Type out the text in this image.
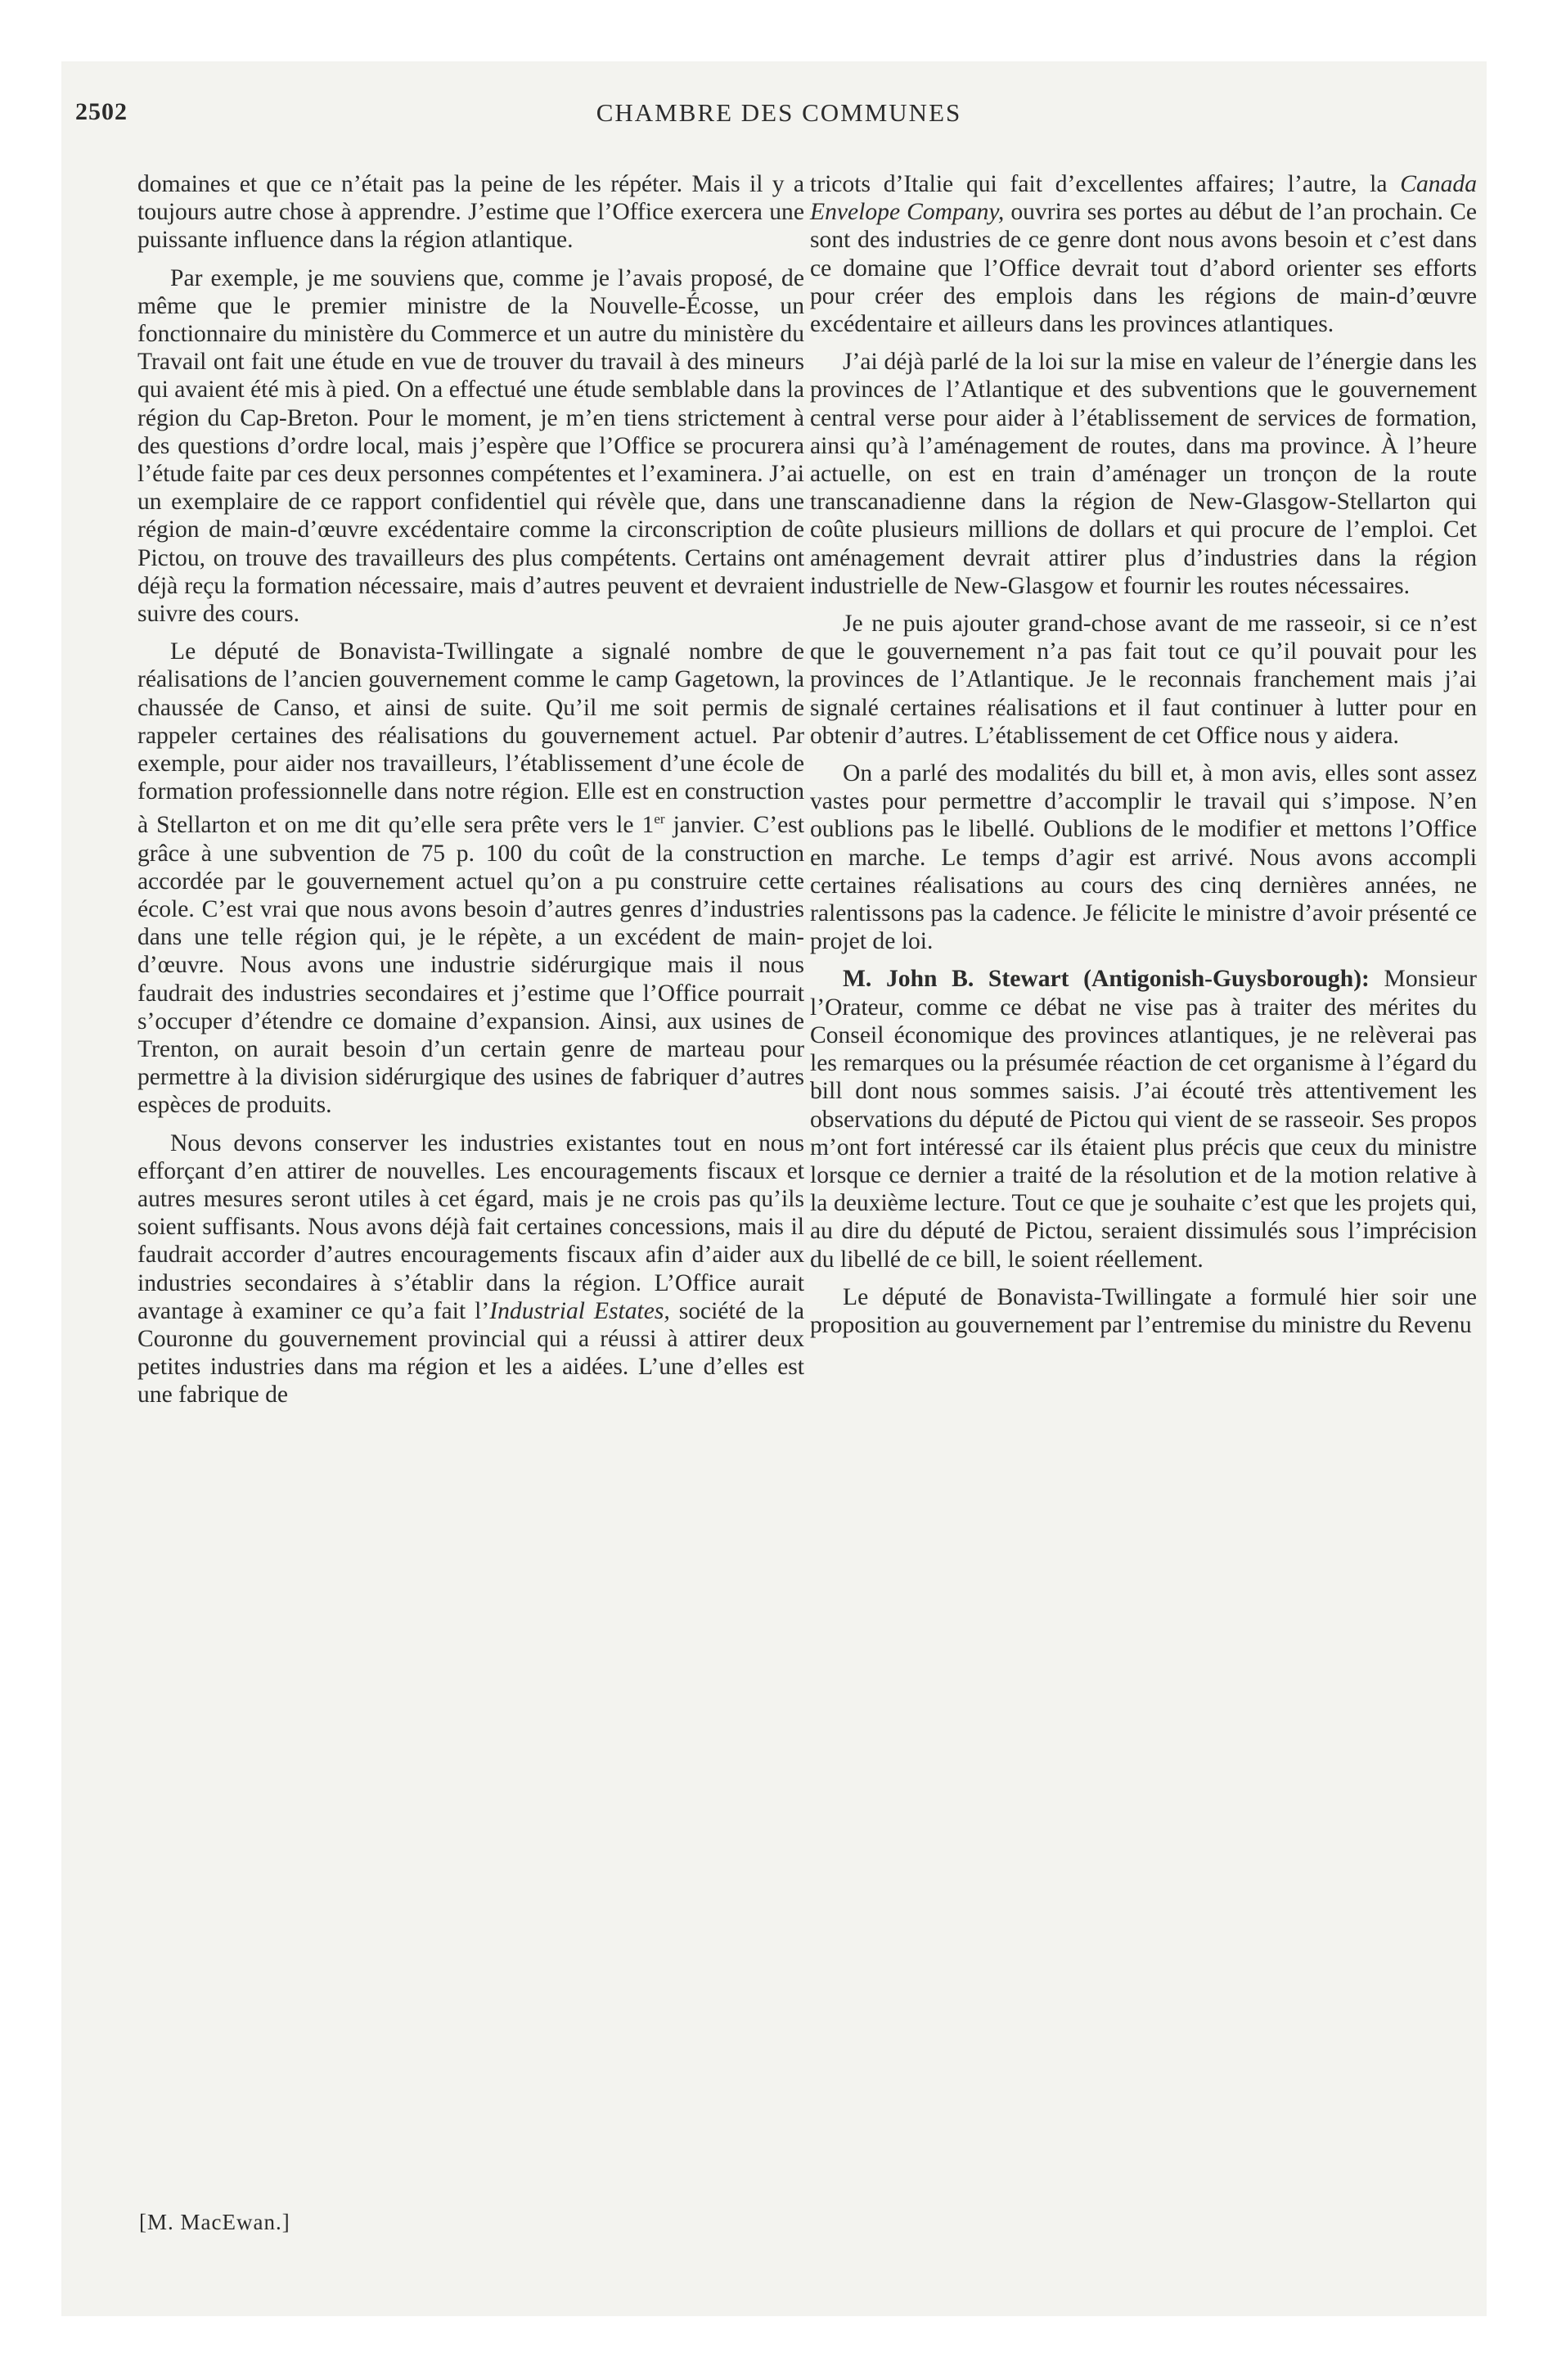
2502	CHAMBRE DES COMMUNES

domaines et que ce n’était pas la peine de les répéter. Mais il y a toujours autre chose à apprendre. J’estime que l’Office exercera une puissante influence dans la région atlantique.

Par exemple, je me souviens que, comme je l’avais proposé, de même que le premier ministre de la Nouvelle-Écosse, un fonctionnaire du ministère du Commerce et un autre du ministère du Travail ont fait une étude en vue de trouver du travail à des mineurs qui avaient été mis à pied. On a effectué une étude semblable dans la région du Cap-Breton. Pour le moment, je m’en tiens strictement à des questions d’ordre local, mais j’espère que l’Office se procurera l’étude faite par ces deux personnes compétentes et l’examinera. J’ai un exemplaire de ce rapport confidentiel qui révèle que, dans une région de main-d’œuvre excédentaire comme la circonscription de Pictou, on trouve des travailleurs des plus compétents. Certains ont déjà reçu la formation nécessaire, mais d’autres peuvent et devraient suivre des cours.

Le député de Bonavista-Twillingate a signalé nombre de réalisations de l’ancien gouvernement comme le camp Gagetown, la chaussée de Canso, et ainsi de suite. Qu’il me soit permis de rappeler certaines des réalisations du gouvernement actuel. Par exemple, pour aider nos travailleurs, l’établissement d’une école de formation professionnelle dans notre région. Elle est en construction à Stellarton et on me dit qu’elle sera prête vers le 1er janvier. C’est grâce à une subvention de 75 p. 100 du coût de la construction accordée par le gouvernement actuel qu’on a pu construire cette école. C’est vrai que nous avons besoin d’autres genres d’industries dans une telle région qui, je le répète, a un excédent de main-d’œuvre. Nous avons une industrie sidérurgique mais il nous faudrait des industries secondaires et j’estime que l’Office pourrait s’occuper d’étendre ce domaine d’expansion. Ainsi, aux usines de Trenton, on aurait besoin d’un certain genre de marteau pour permettre à la division sidérurgique des usines de fabriquer d’autres espèces de produits.

Nous devons conserver les industries existantes tout en nous efforçant d’en attirer de nouvelles. Les encouragements fiscaux et autres mesures seront utiles à cet égard, mais je ne crois pas qu’ils soient suffisants. Nous avons déjà fait certaines concessions, mais il faudrait accorder d’autres encouragements fiscaux afin d’aider aux industries secondaires à s’établir dans la région. L’Office aurait avantage à examiner ce qu’a fait l’Industrial Estates, société de la Couronne du gouvernement provincial qui a réussi à attirer deux petites industries dans ma région et les a aidées. L’une d’elles est une fabrique de

tricots d’Italie qui fait d’excellentes affaires; l’autre, la Canada Envelope Company, ouvrira ses portes au début de l’an prochain. Ce sont des industries de ce genre dont nous avons besoin et c’est dans ce domaine que l’Office devrait tout d’abord orienter ses efforts pour créer des emplois dans les régions de main-d’œuvre excédentaire et ailleurs dans les provinces atlantiques.

J’ai déjà parlé de la loi sur la mise en valeur de l’énergie dans les provinces de l’Atlantique et des subventions que le gouvernement central verse pour aider à l’établissement de services de formation, ainsi qu’à l’aménagement de routes, dans ma province. À l’heure actuelle, on est en train d’aménager un tronçon de la route transcanadienne dans la région de New-Glasgow-Stellarton qui coûte plusieurs millions de dollars et qui procure de l’emploi. Cet aménagement devrait attirer plus d’industries dans la région industrielle de New-Glasgow et fournir les routes nécessaires.

Je ne puis ajouter grand-chose avant de me rasseoir, si ce n’est que le gouvernement n’a pas fait tout ce qu’il pouvait pour les provinces de l’Atlantique. Je le reconnais franchement mais j’ai signalé certaines réalisations et il faut continuer à lutter pour en obtenir d’autres. L’établissement de cet Office nous y aidera.

On a parlé des modalités du bill et, à mon avis, elles sont assez vastes pour permettre d’accomplir le travail qui s’impose. N’en oublions pas le libellé. Oublions de le modifier et mettons l’Office en marche. Le temps d’agir est arrivé. Nous avons accompli certaines réalisations au cours des cinq dernières années, ne ralentissons pas la cadence. Je félicite le ministre d’avoir présenté ce projet de loi.

M. John B. Stewart (Antigonish-Guysborough): Monsieur l’Orateur, comme ce débat ne vise pas à traiter des mérites du Conseil économique des provinces atlantiques, je ne relèverai pas les remarques ou la présumée réaction de cet organisme à l’égard du bill dont nous sommes saisis. J’ai écouté très attentivement les observations du député de Pictou qui vient de se rasseoir. Ses propos m’ont fort intéressé car ils étaient plus précis que ceux du ministre lorsque ce dernier a traité de la résolution et de la motion relative à la deuxième lecture. Tout ce que je souhaite c’est que les projets qui, au dire du député de Pictou, seraient dissimulés sous l’imprécision du libellé de ce bill, le soient réellement.

Le député de Bonavista-Twillingate a formulé hier soir une proposition au gouvernement par l’entremise du ministre du Revenu

[M. MacEwan.]
